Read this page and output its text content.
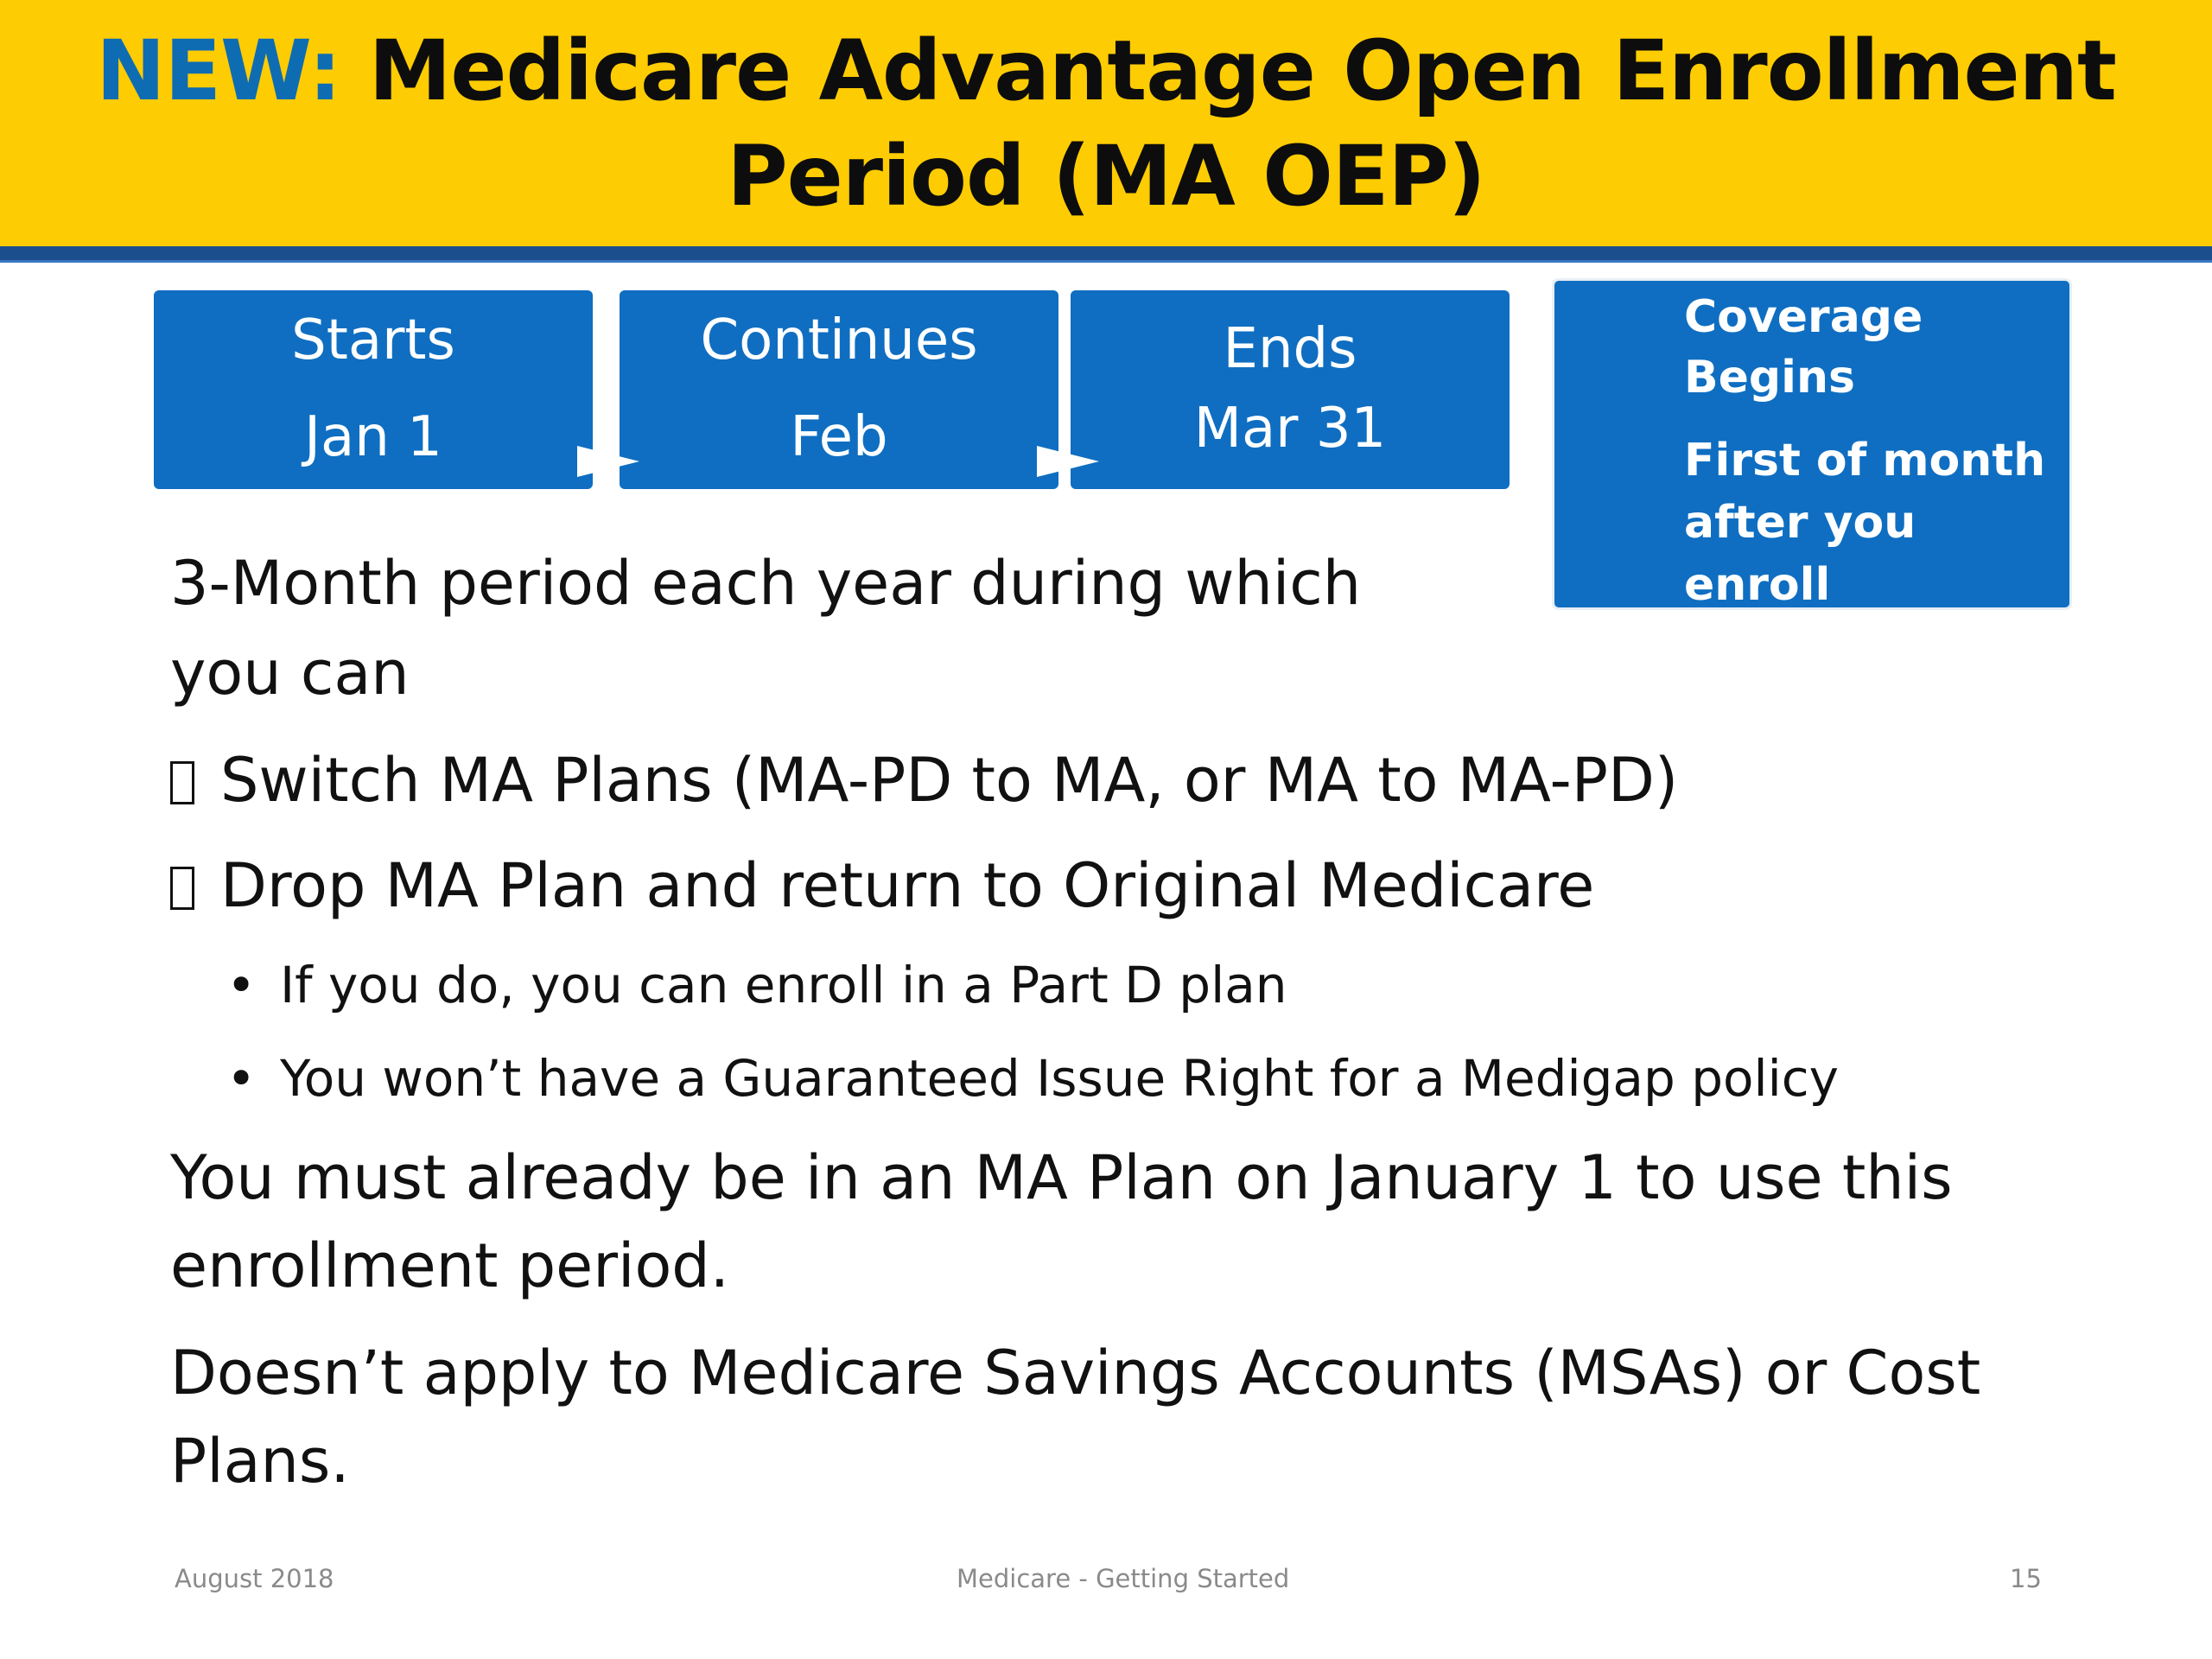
NEW: Medicare Advantage Open Enrollment
Period (MA OEP)
Starts
Jan 1
Continues
Feb
Ends
Mar 31
Coverage
Begins
First of month
after you
enroll
3-Month period each year during which
you can
Switch MA Plans (MA-PD to MA, or MA to MA-PD)
Drop MA Plan and return to Original Medicare
• If you do, you can enroll in a Part D plan
• You won’t have a Guaranteed Issue Right for a Medigap policy
You must already be in an MA Plan on January 1 to use this
enrollment period.
Doesn’t apply to Medicare Savings Accounts (MSAs) or Cost
Plans.
August 2018	Medicare - Getting Started	15
